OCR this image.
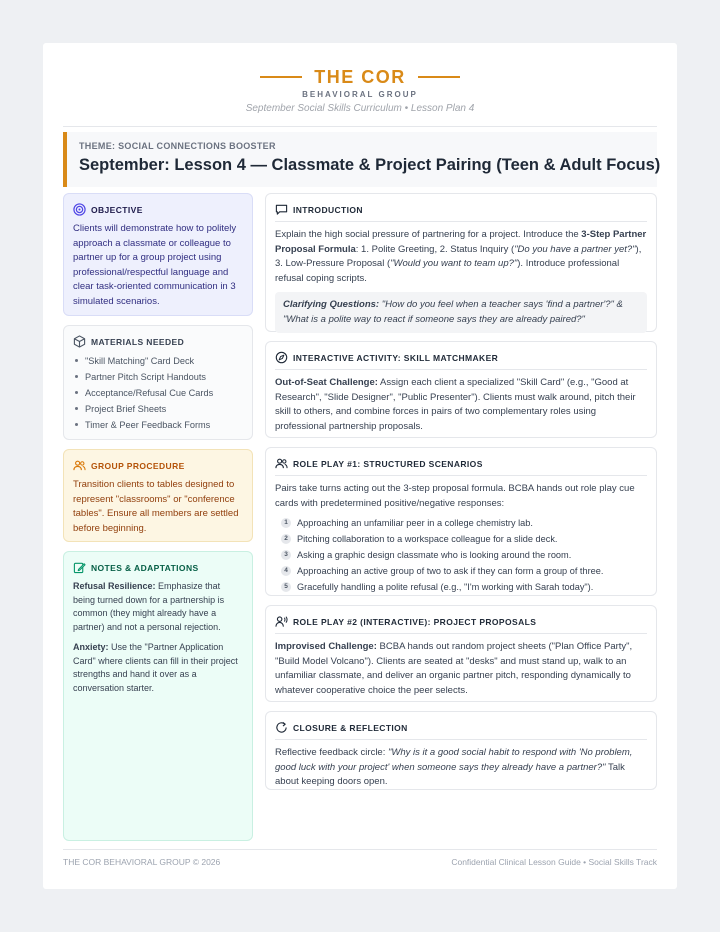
THE COR
BEHAVIORAL GROUP
September Social Skills Curriculum • Lesson Plan 4
THEME: SOCIAL CONNECTIONS BOOSTER
September: Lesson 4 — Classmate & Project Pairing (Teen & Adult Focus)
OBJECTIVE
Clients will demonstrate how to politely approach a classmate or colleague to partner up for a group project using professional/respectful language and clear task-oriented communication in 3 simulated scenarios.
MATERIALS NEEDED
"Skill Matching" Card Deck
Partner Pitch Script Handouts
Acceptance/Refusal Cue Cards
Project Brief Sheets
Timer & Peer Feedback Forms
GROUP PROCEDURE
Transition clients to tables designed to represent "classrooms" or "conference tables". Ensure all members are settled before beginning.
NOTES & ADAPTATIONS
Refusal Resilience: Emphasize that being turned down for a partnership is common (they might already have a partner) and not a personal rejection.
Anxiety: Use the "Partner Application Card" where clients can fill in their project strengths and hand it over as a conversation starter.
INTRODUCTION
Explain the high social pressure of partnering for a project. Introduce the 3-Step Partner Proposal Formula: 1. Polite Greeting, 2. Status Inquiry ("Do you have a partner yet?"), 3. Low-Pressure Proposal ("Would you want to team up?"). Introduce professional refusal coping scripts.
Clarifying Questions: "How do you feel when a teacher says 'find a partner'?" & "What is a polite way to react if someone says they are already paired?"
INTERACTIVE ACTIVITY: SKILL MATCHMAKER
Out-of-Seat Challenge: Assign each client a specialized "Skill Card" (e.g., "Good at Research", "Slide Designer", "Public Presenter"). Clients must walk around, pitch their skill to others, and combine forces in pairs of two complementary roles using professional partnership proposals.
ROLE PLAY #1: STRUCTURED SCENARIOS
Pairs take turns acting out the 3-step proposal formula. BCBA hands out role play cue cards with predetermined positive/negative responses:
1 Approaching an unfamiliar peer in a college chemistry lab.
2 Pitching collaboration to a workspace colleague for a slide deck.
3 Asking a graphic design classmate who is looking around the room.
4 Approaching an active group of two to ask if they can form a group of three.
5 Gracefully handling a polite refusal (e.g., "I'm working with Sarah today").
ROLE PLAY #2 (INTERACTIVE): PROJECT PROPOSALS
Improvised Challenge: BCBA hands out random project sheets ("Plan Office Party", "Build Model Volcano"). Clients are seated at "desks" and must stand up, walk to an unfamiliar classmate, and deliver an organic partner pitch, responding dynamically to whatever cooperative choice the peer selects.
CLOSURE & REFLECTION
Reflective feedback circle: "Why is it a good social habit to respond with 'No problem, good luck with your project' when someone says they already have a partner?" Talk about keeping doors open.
THE COR BEHAVIORAL GROUP © 2026	Confidential Clinical Lesson Guide • Social Skills Track
